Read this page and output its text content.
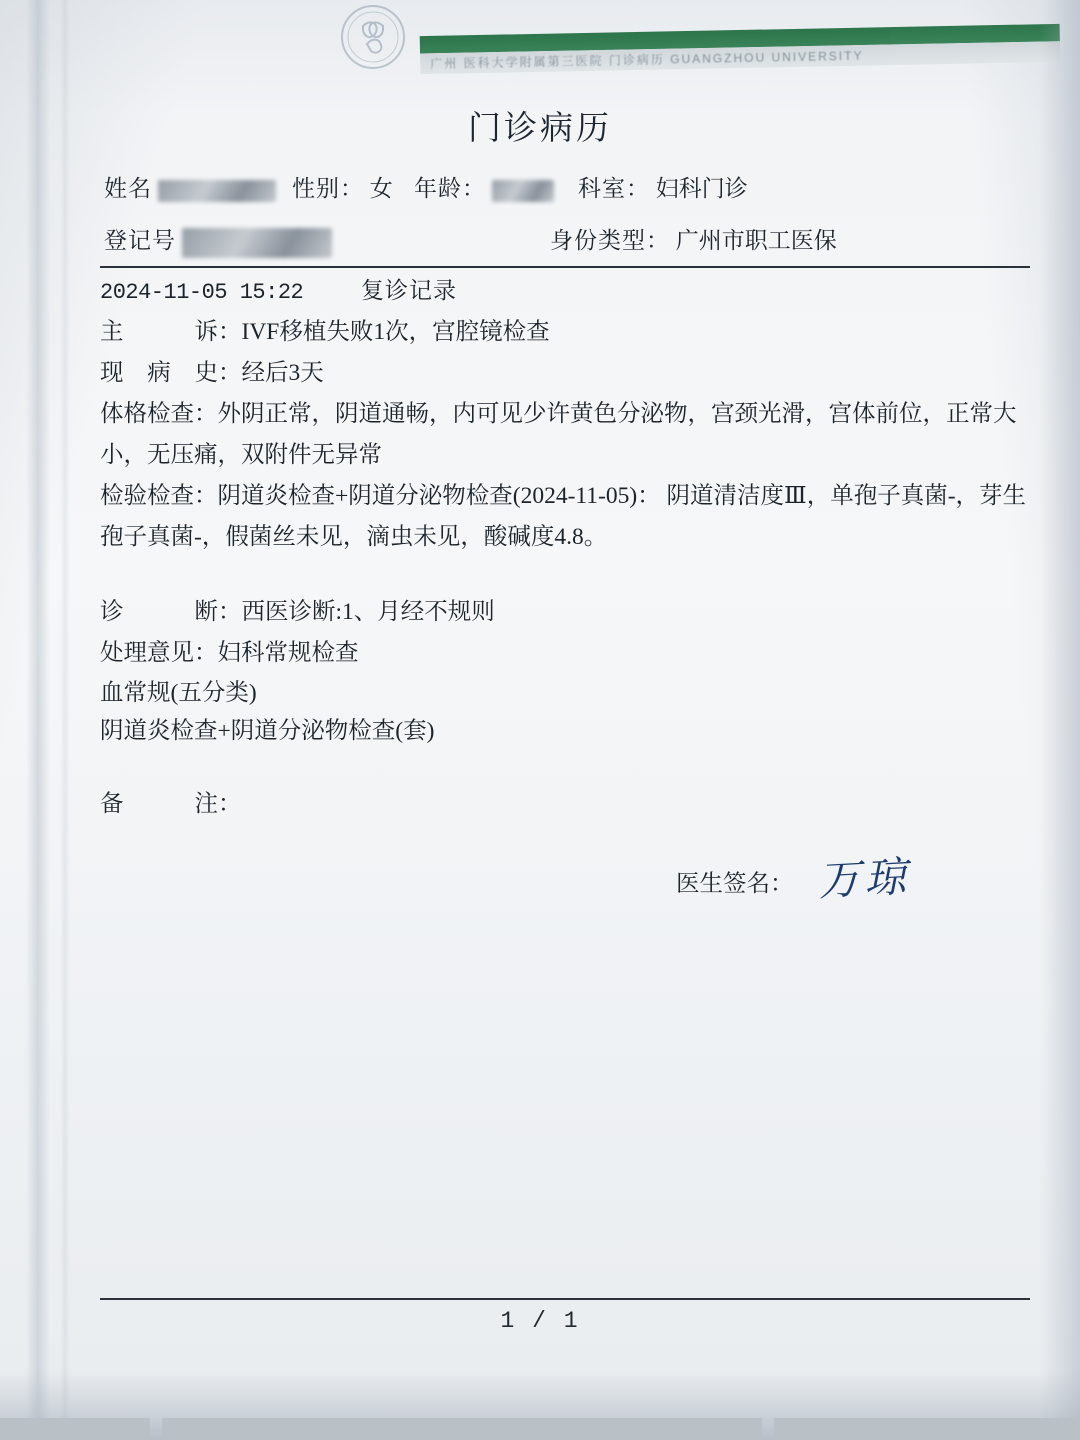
广州 医科大学附属第三医院 门诊病历 GUANGZHOU UNIVERSITY
门诊病历
姓名	性别： 女 年龄：	科室： 妇科门诊
登记号	身份类型： 广州市职工医保
2024-11-05 15:22	复诊记录
主诉：IVF移植失败1次，宫腔镜检查
现病史：经后3天
体格检查：外阴正常，阴道通畅，内可见少许黄色分泌物，宫颈光滑，宫体前位，正常大小，无压痛，双附件无异常
检验检查：阴道炎检查+阴道分泌物检查(2024-11-05)： 阴道清洁度Ⅲ，单孢子真菌-，芽生孢子真菌-，假菌丝未见，滴虫未见，酸碱度4.8。
诊断：西医诊断:1、月经不规则
处理意见：妇科常规检查
血常规(五分类)
阴道炎检查+阴道分泌物检查(套)
备注：
医生签名： 万琼
1 / 1
